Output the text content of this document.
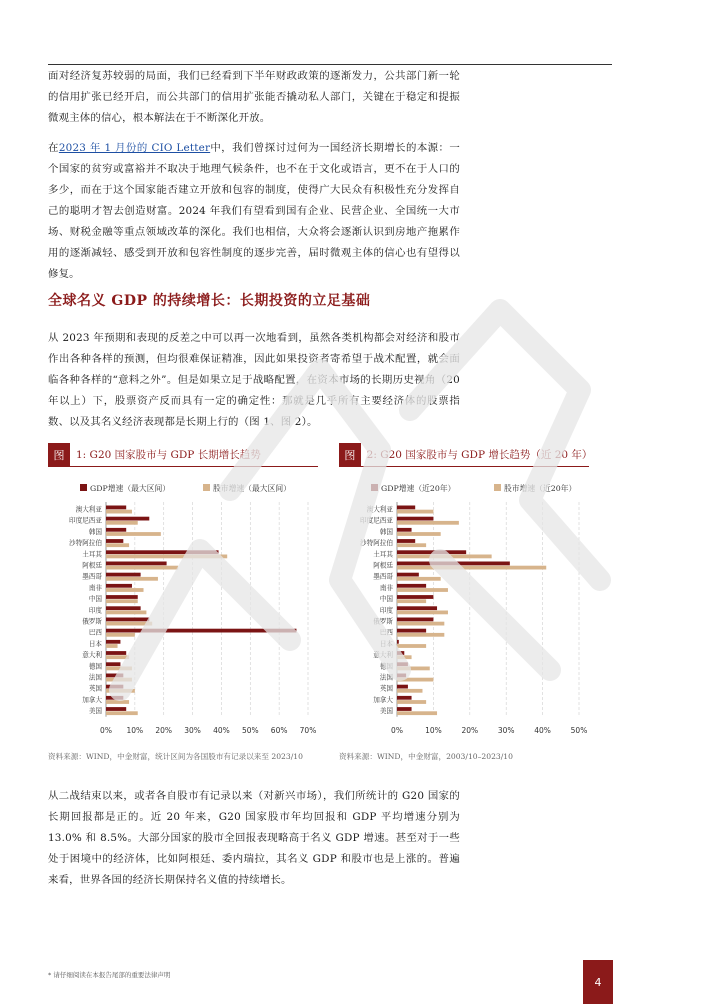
面对经济复苏较弱的局面，我们已经看到下半年财政政策的逐渐发力，公共部门新一轮的信用扩张已经开启，而公共部门的信用扩张能否撬动私人部门，关键在于稳定和提振微观主体的信心，根本解法在于不断深化开放。

在2023 年 1 月份的 CIO Letter中，我们曾探讨过何为一国经济长期增长的本源：一个国家的贫穷或富裕并不取决于地理气候条件，也不在于文化或语言，更不在于人口的多少，而在于这个国家能否建立开放和包容的制度，使得广大民众有积极性充分发挥自己的聪明才智去创造财富。2024 年我们有望看到国有企业、民营企业、全国统一大市场、财税金融等重点领域改革的深化。我们也相信，大众将会逐渐认识到房地产拖累作用的逐渐减轻、感受到开放和包容性制度的逐步完善，届时微观主体的信心也有望得以修复。

全球名义 GDP 的持续增长：长期投资的立足基础

从 2023 年预期和表现的反差之中可以再一次地看到，虽然各类机构都会对经济和股市作出各种各样的预测，但均很难保证精准，因此如果投资者寄希望于战术配置，就会面临各种各样的“意料之外”。但是如果立足于战略配置，在资本市场的长期历史视角（20 年以上）下，股票资产反而具有一定的确定性：那就是几乎所有主要经济体的股票指数、以及其名义经济表现都是长期上行的（图 1、图 2）。

图	1: G20 国家股市与 GDP 长期增长趋势	图	2: G20 国家股市与 GDP 增长趋势（近 20 年）
GDP增速（最大区间）	股市增速（最大区间）
0% 10% 20% 30% 40% 50% 60% 70%
澳大利亚
印度尼西亚
韩国
沙特阿拉伯
土耳其
阿根廷
墨西哥
南非
中国
印度
俄罗斯
巴西
日本
意大利
德国
法国
英国
加拿大
美国
GDP增速（近20年）	股市增速（近20年）
0%	10%	20%	30%	40%	50%
澳大利亚
印度尼西亚
韩国
沙特阿拉伯
土耳其
阿根廷
墨西哥
南非
中国
印度
俄罗斯
巴西
日本
意大利
德国
法国
英国
加拿大
美国
资料来源：WIND，中金财富，统计区间为各国股市有记录以来至 2023/10	资料来源：WIND，中金财富，2003/10–2023/10

从二战结束以来，或者各自股市有记录以来（对新兴市场），我们所统计的 G20 国家的长期回报都是正的。近 20 年来，G20 国家股市年均回报和 GDP 平均增速分别为 13.0% 和 8.5%。大部分国家的股市全回报表现略高于名义 GDP 增速。甚至对于一些处于困境中的经济体，比如阿根廷、委内瑞拉，其名义 GDP 和股市也是上涨的。普遍来看，世界各国的经济长期保持名义值的持续增长。

* 请仔细阅读在本报告尾部的重要法律声明
4
